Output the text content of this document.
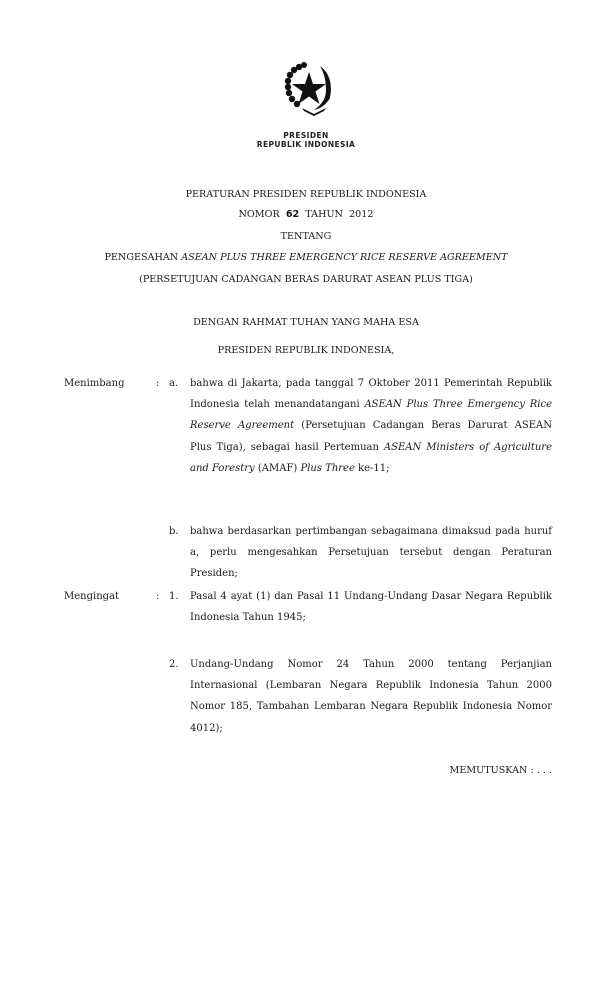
PRESIDEN
REPUBLIK INDONESIA
PERATURAN PRESIDEN REPUBLIK INDONESIA
NOMOR 62 TAHUN 2012
TENTANG
PENGESAHAN ASEAN PLUS THREE EMERGENCY RICE RESERVE AGREEMENT
(PERSETUJUAN CADANGAN BERAS DARURAT ASEAN PLUS TIGA)
DENGAN RAHMAT TUHAN YANG MAHA ESA
PRESIDEN REPUBLIK INDONESIA,
Menimbang	: a. bahwa di Jakarta, pada tanggal 7 Oktober 2011 Pemerintah Republik Indonesia telah menandatangani ASEAN Plus Three Emergency Rice Reserve Agreement (Persetujuan Cadangan Beras Darurat ASEAN Plus Tiga), sebagai hasil Pertemuan ASEAN Ministers of Agriculture and Forestry (AMAF) Plus Three ke-11;
b. bahwa berdasarkan pertimbangan sebagaimana dimaksud pada huruf a, perlu mengesahkan Persetujuan tersebut dengan Peraturan Presiden;
Mengingat	: 1. Pasal 4 ayat (1) dan Pasal 11 Undang-Undang Dasar Negara Republik Indonesia Tahun 1945;
2. Undang-Undang Nomor 24 Tahun 2000 tentang Perjanjian Internasional (Lembaran Negara Republik Indonesia Tahun 2000 Nomor 185, Tambahan Lembaran Negara Republik Indonesia Nomor 4012);
MEMUTUSKAN : . . .
